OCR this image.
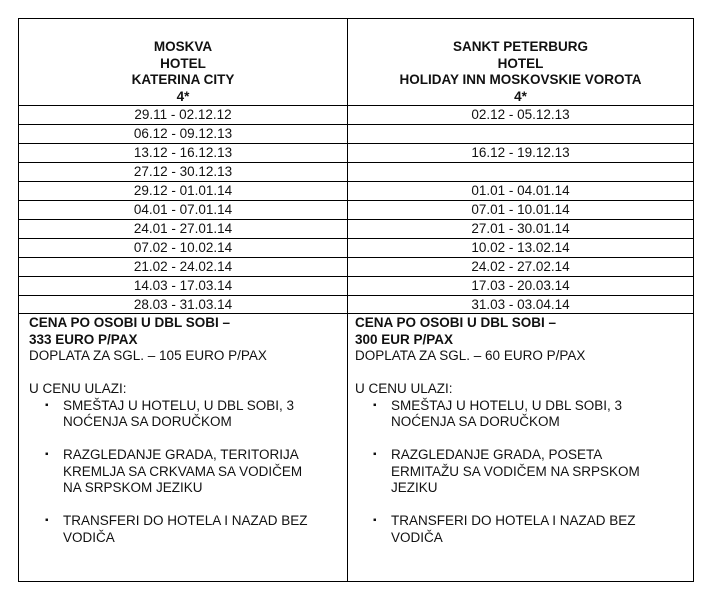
MOSKVA
HOTEL
KATERINA CITY
4*
SANKT PETERBURG
HOTEL
HOLIDAY INN MOSKOVSKIE VOROTA
4*
29.11 - 02.12.12	02.12 - 05.12.13
06.12 - 09.12.13
13.12 - 16.12.13	16.12 - 19.12.13
27.12 - 30.12.13
29.12 - 01.01.14	01.01 - 04.01.14
04.01 - 07.01.14	07.01 - 10.01.14
24.01 - 27.01.14	27.01 - 30.01.14
07.02 - 10.02.14	10.02 - 13.02.14
21.02 - 24.02.14	24.02 - 27.02.14
14.03 - 17.03.14	17.03 - 20.03.14
28.03 - 31.03.14	31.03 - 03.04.14
CENA PO OSOBI U DBL SOBI –
333 EURO P/PAX
DOPLATA ZA SGL. – 105 EURO P/PAX
U CENU ULAZI:
▪ SMEŠTAJ U HOTELU, U DBL SOBI, 3
NOĆENJA SA DORUČKOM
▪ RAZGLEDANJE GRADA, TERITORIJA
KREMLJA SA CRKVAMA SA VODIČEM
NA SRPSKOM JEZIKU
▪ TRANSFERI DO HOTELA I NAZAD BEZ
VODIČA
CENA PO OSOBI U DBL SOBI –
300 EUR P/PAX
DOPLATA ZA SGL. – 60 EURO P/PAX
U CENU ULAZI:
▪ SMEŠTAJ U HOTELU, U DBL SOBI, 3
NOĆENJA SA DORUČKOM
▪ RAZGLEDANJE GRADA, POSETA
ERMITAŽU SA VODIČEM NA SRPSKOM
JEZIKU
▪ TRANSFERI DO HOTELA I NAZAD BEZ
VODIČA
